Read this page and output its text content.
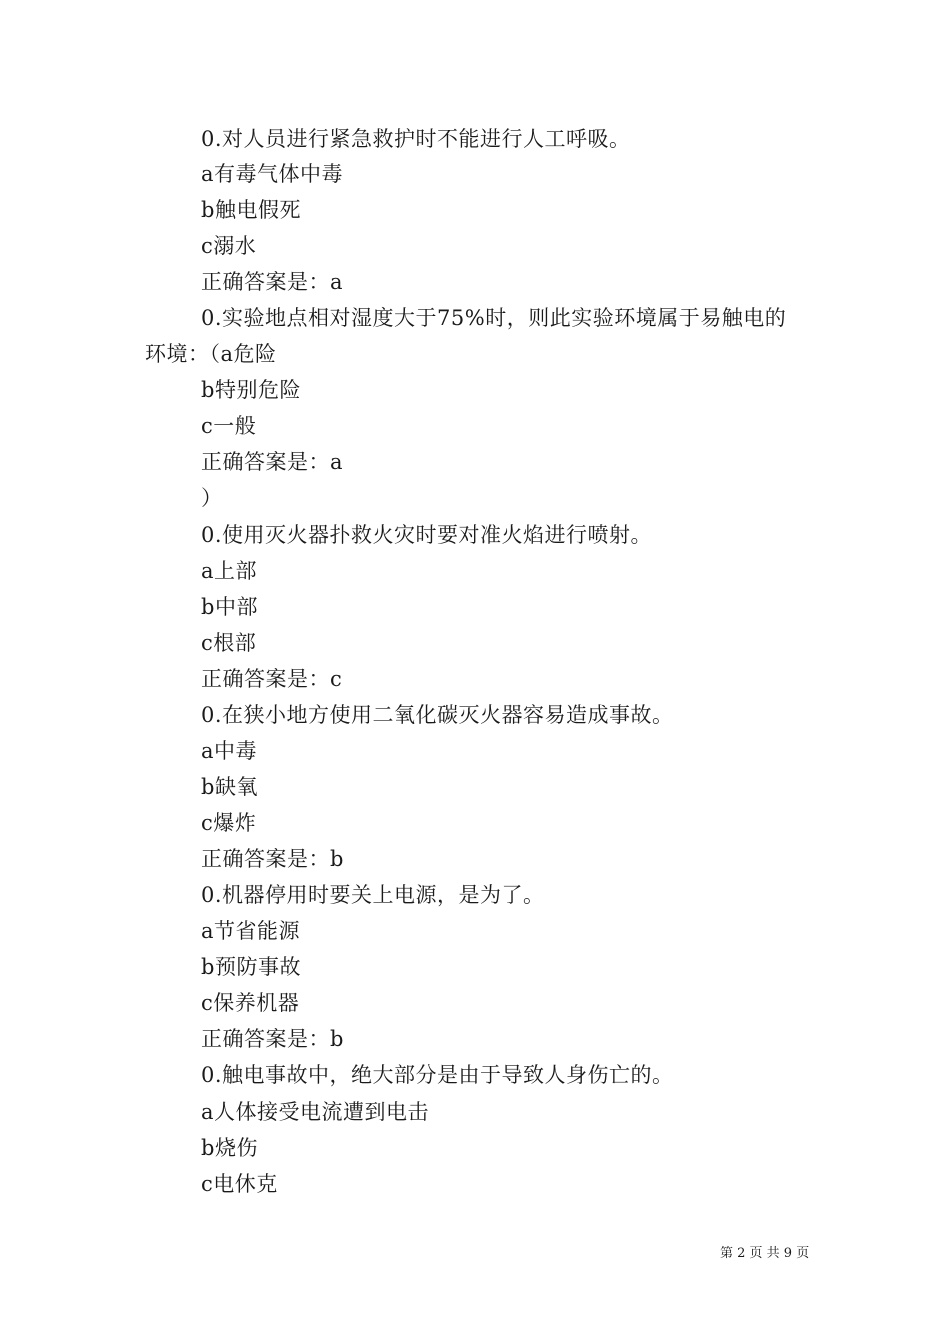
0.对人员进行紧急救护时不能进行人工呼吸。
a有毒气体中毒
b触电假死
c溺水
正确答案是：a
0.实验地点相对湿度大于75%时，则此实验环境属于易触电的
环境：（a危险
b特别危险
c一般
正确答案是：a
）
0.使用灭火器扑救火灾时要对准火焰进行喷射。
a上部
b中部
c根部
正确答案是：c
0.在狭小地方使用二氧化碳灭火器容易造成事故。
a中毒
b缺氧
c爆炸
正确答案是：b
0.机器停用时要关上电源，是为了。
a节省能源
b预防事故
c保养机器
正确答案是：b
0.触电事故中，绝大部分是由于导致人身伤亡的。
a人体接受电流遭到电击
b烧伤
c电休克
第 2 页 共 9 页
